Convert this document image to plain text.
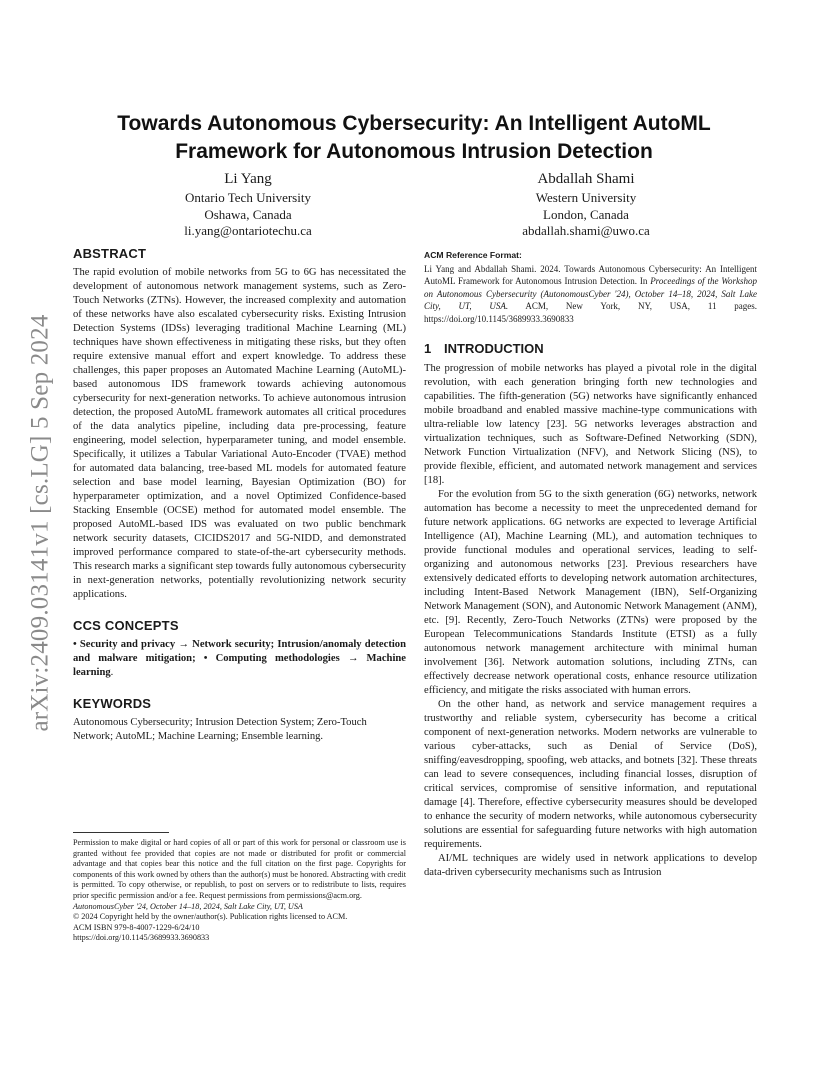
arXiv:2409.03141v1 [cs.LG] 5 Sep 2024
Towards Autonomous Cybersecurity: An Intelligent AutoML Framework for Autonomous Intrusion Detection
Li Yang
Ontario Tech University
Oshawa, Canada
li.yang@ontariotechu.ca
Abdallah Shami
Western University
London, Canada
abdallah.shami@uwo.ca
ABSTRACT

The rapid evolution of mobile networks from 5G to 6G has necessitated the development of autonomous network management systems, such as Zero-Touch Networks (ZTNs). However, the increased complexity and automation of these networks have also escalated cybersecurity risks. Existing Intrusion Detection Systems (IDSs) leveraging traditional Machine Learning (ML) techniques have shown effectiveness in mitigating these risks, but they often require extensive manual effort and expert knowledge. To address these challenges, this paper proposes an Automated Machine Learning (AutoML)-based autonomous IDS framework towards achieving autonomous cybersecurity for next-generation networks. To achieve autonomous intrusion detection, the proposed AutoML framework automates all critical procedures of the data analytics pipeline, including data pre-processing, feature engineering, model selection, hyperparameter tuning, and model ensemble. Specifically, it utilizes a Tabular Variational Auto-Encoder (TVAE) method for automated data balancing, tree-based ML models for automated feature selection and base model learning, Bayesian Optimization (BO) for hyperparameter optimization, and a novel Optimized Confidence-based Stacking Ensemble (OCSE) method for automated model ensemble. The proposed AutoML-based IDS was evaluated on two public benchmark network security datasets, CICIDS2017 and 5G-NIDD, and demonstrated improved performance compared to state-of-the-art cybersecurity methods. This research marks a significant step towards fully autonomous cybersecurity in next-generation networks, potentially revolutionizing network security applications.

CCS CONCEPTS

• Security and privacy → Network security; Intrusion/anomaly detection and malware mitigation; • Computing methodologies → Machine learning.

KEYWORDS

Autonomous Cybersecurity; Intrusion Detection System; Zero-Touch Network; AutoML; Machine Learning; Ensemble learning.

Permission to make digital or hard copies of all or part of this work for personal or classroom use is granted without fee provided that copies are not made or distributed for profit or commercial advantage and that copies bear this notice and the full citation on the first page. Copyrights for components of this work owned by others than the author(s) must be honored. Abstracting with credit is permitted. To copy otherwise, or republish, to post on servers or to redistribute to lists, requires prior specific permission and/or a fee. Request permissions from permissions@acm.org.

AutonomousCyber '24, October 14–18, 2024, Salt Lake City, UT, USA

© 2024 Copyright held by the owner/author(s). Publication rights licensed to ACM.

ACM ISBN 979-8-4007-1229-6/24/10

https://doi.org/10.1145/3689933.3690833

ACM Reference Format:

Li Yang and Abdallah Shami. 2024. Towards Autonomous Cybersecurity: An Intelligent AutoML Framework for Autonomous Intrusion Detection. In Proceedings of the Workshop on Autonomous Cybersecurity (AutonomousCyber '24), October 14–18, 2024, Salt Lake City, UT, USA. ACM, New York, NY, USA, 11 pages. https://doi.org/10.1145/3689933.3690833

1 INTRODUCTION

The progression of mobile networks has played a pivotal role in the digital revolution, with each generation bringing forth new technologies and capabilities. The fifth-generation (5G) networks have significantly enhanced mobile broadband and enabled massive machine-type communications with ultra-reliable low latency [23]. 5G networks leverages abstraction and virtualization techniques, such as Software-Defined Networking (SDN), Network Function Virtualization (NFV), and Network Slicing (NS), to provide flexible, efficient, and automated network management and services [18].

For the evolution from 5G to the sixth generation (6G) networks, network automation has become a necessity to meet the unprecedented demand for future network applications. 6G networks are expected to leverage Artificial Intelligence (AI), Machine Learning (ML), and automation techniques to provide functional modules and operational services, leading to self-organizing and autonomous networks [23]. Previous researchers have extensively dedicated efforts to developing network automation architectures, including Intent-Based Network Management (IBN), Self-Organizing Network Management (SON), and Autonomic Network Management (ANM), etc. [9]. Recently, Zero-Touch Networks (ZTNs) were proposed by the European Telecommunications Standards Institute (ETSI) as a fully autonomous network management architecture with minimal human involvement [36]. Network automation solutions, including ZTNs, can effectively decrease network operational costs, enhance resource utilization efficiency, and mitigate the risks associated with human errors.

On the other hand, as network and service management requires a trustworthy and reliable system, cybersecurity has become a critical component of next-generation networks. Modern networks are vulnerable to various cyber-attacks, such as Denial of Service (DoS), sniffing/eavesdropping, spoofing, web attacks, and botnets [32]. These threats can lead to severe consequences, including financial losses, disruption of critical services, compromise of sensitive information, and reputational damage [4]. Therefore, effective cybersecurity measures should be developed to enhance the security of modern networks, while autonomous cybersecurity solutions are essential for safeguarding future networks with high automation requirements.

AI/ML techniques are widely used in network applications to develop data-driven cybersecurity mechanisms such as Intrusion
